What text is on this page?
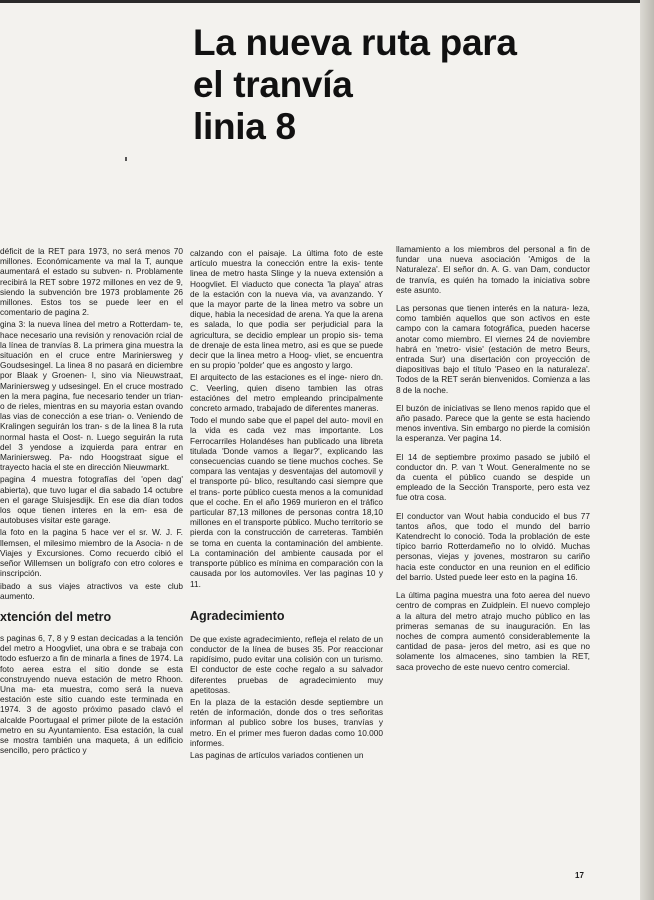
La nueva ruta para
el tranvía
linia 8

déficit de la RET para 1973, no será menos 70 millones. Económicamente va mal la T, aunque aumentará el estado su subven- n. Problamente recibirá la RET sobre 1972 millones en vez de 9, siendo la subvención bre 1973 problamente 26 millones. Estos tos se puede leer en el comentario de pagina 2.

gina 3: la nueva línea del metro a Rotterdam- te, hace necesario una revisión y renovación rcial de la línea de tranvías 8. La primera gina muestra la situación en el cruce entre Mariniersweg y Goudsesingel. La linea 8 no pasará en diciembre por Blaak y Groenen- l, sino via Nieuwstraat, Mariniersweg y udsesingel. En el cruce mostrado en la mera pagina, fue necesario tender un trian- o de rieles, mientras en su mayoria estan ovando las vias de conección a ese trian- o. Veniendo de Kralingen seguirán los tran- s de la linea 8 la ruta normal hasta el Oost- n. Luego seguirán la ruta del 3 yendose a izquierda para entrar en Mariniersweg. Pa- ndo Hoogstraat sigue el trayecto hacia el ste en dirección Nieuwmarkt.

pagina 4 muestra fotografías del 'open dag' abierta), que tuvo lugar el dia sabado 14 octubre en el garage Sluisjesdijk. En ese dia dían todos los oque tienen interes en la em- esa de autobuses visitar este garage.

la foto en la pagina 5 hace ver el sr. W. J. F. llemsen, el milesimo miembro de la Asocia- n de Viajes y Excursiones. Como recuerdo cibió el señor Willemsen un bolígrafo con etro colores e inscripción.

ibado a sus viajes atractivos va este club aumento.

xtención del metro

s paginas 6, 7, 8 y 9 estan decicadas a la tención del metro a Hoogvliet, una obra e se trabaja con todo esfuerzo a fin de minarla a fines de 1974. La foto aerea estra el sitio donde se esta construyendo nueva estación de metro Rhoon. Una ma- eta muestra, como será la nueva estación este sitio cuando este terminada en 1974. 3 de agosto próximo pasado clavó el alcalde Poortugaal el primer pilote de la estación metro en su Ayuntamiento. Esa estación, la cual se mostra también una maqueta, á un edificio sencillo, pero práctico y

calzando con el paisaje. La última foto de este artículo muestra la conección entre la exis- tente linea de metro hasta Slinge y la nueva extensión a Hoogvliet. El viaducto que conecta 'la playa' atras de la estación con la nueva via, va avanzando. Y que la mayor parte de la linea metro va sobre un dique, habia la necesidad de arena. Ya que la arena es salada, lo que podia ser perjudicial para la agricultura, se decidio emplear un propio sis- tema de drenaje de esta linea metro, asi es que se puede decir que la linea metro a Hoog- vliet, se encuentra en su propio 'polder' que es angosto y largo.

El arquitecto de las estaciones es el inge- niero dn. C. Veerling, quien diseno tambien las otras estaciónes del metro empleando principalmente concreto armado, trabajado de diferentes maneras.

Todo el mundo sabe que el papel del auto- movil en la vida es cada vez mas importante. Los Ferrocarriles Holandéses han publicado una libreta titulada 'Donde vamos a llegar?', explicando las consecuencias cuando se tiene muchos coches. Se compara las ventajas y desventajas del automovil y el transporte pú- blico, resultando casi siempre que el trans- porte público cuesta menos a la comunidad que el coche. En el año 1969 murieron en el tráfico particular 87,13 millones de personas contra 18,10 millones en el transporte público. Mucho territorio se pierda con la construcción de carreteras. También se toma en cuenta la contaminación del ambiente. La contaminación del ambiente causada por el transporte público es mínima en comparación con la causada por los automoviles. Ver las paginas 10 y 11.

Agradecimiento

De que existe agradecimiento, refleja el relato de un conductor de la línea de buses 35. Por reaccionar rapidísimo, pudo evitar una colisión con un turismo. El conductor de este coche regalo a su salvador diferentes pruebas de agradecimiento muy apetitosas.

En la plaza de la estación desde septiembre un retén de información, donde dos o tres señoritas informan al publico sobre los buses, tranvías y metro. En el primer mes fueron dadas como 10.000 informes.

Las paginas de artículos variados contienen un

llamamiento a los miembros del personal a fin de fundar una nueva asociación 'Amigos de la Naturaleza'. El señor dn. A. G. van Dam, conductor de tranvía, es quién ha tomado la iniciativa sobre este asunto.

Las personas que tienen interés en la natura- leza, como también aquellos que son activos en este campo con la camara fotográfica, pueden hacerse anotar como miembro. El viernes 24 de noviembre habrá en 'metro- visie' (estación de metro Beurs, entrada Sur) una disertación con proyección de diapositivas bajo el título 'Paseo en la naturaleza'. Todos de la RET serán bienvenidos. Comienza a las 8 de la noche.

El buzón de iniciativas se lleno menos rapido que el año pasado. Parece que la gente se esta haciendo menos inventiva. Sin embargo no pierde la comisión la esperanza. Ver pagina 14.

El 14 de septiembre proximo pasado se jubiló el conductor dn. P. van 't Wout. Generalmente no se da cuenta el público cuando se despide un empleado de la Sección Transporte, pero esta vez fue otra cosa.

El conductor van Wout habia conducido el bus 77 tantos años, que todo el mundo del barrio Katendrecht lo conoció. Toda la problación de este típico barrio Rotterdameño no lo olvidó. Muchas personas, viejas y jovenes, mostraron su cariño hacia este conductor en una reunion en el edificio del barrio. Usted puede leer esto en la pagina 16.

La última pagina muestra una foto aerea del nuevo centro de compras en Zuidplein. El nuevo complejo a la altura del metro atrajo mucho público en las primeras semanas de su inauguración. En las noches de compra aumentó considerablemente la cantidad de pasa- jeros del metro, asi es que no solamente los almacenes, sino tambien la RET, saca provecho de este nuevo centro comercial.

17
